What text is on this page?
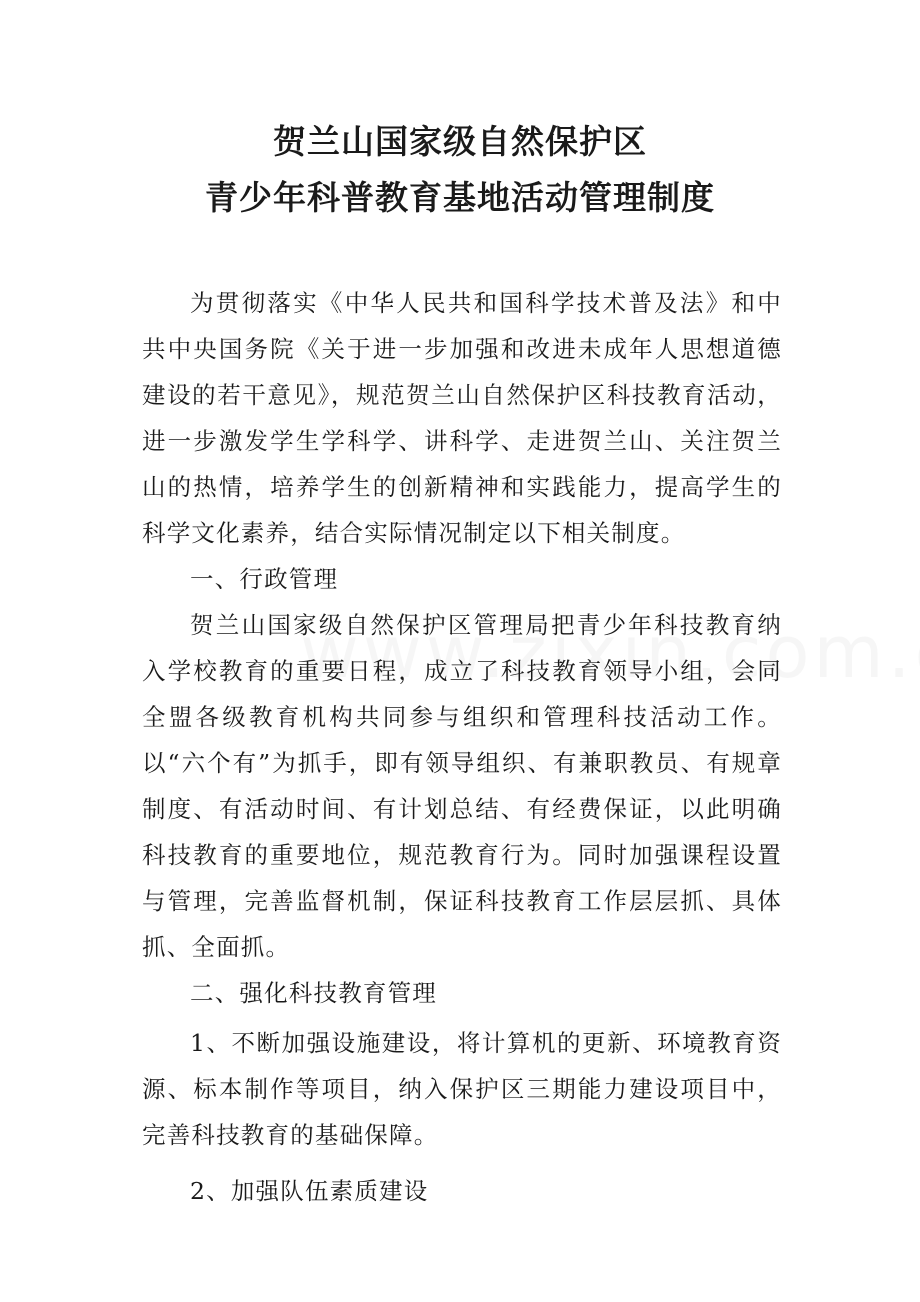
贺兰山国家级自然保护区
青少年科普教育基地活动管理制度

为贯彻落实《中华人民共和国科学技术普及法》和中共中央国务院《关于进一步加强和改进未成年人思想道德建设的若干意见》，规范贺兰山自然保护区科技教育活动，进一步激发学生学科学、讲科学、走进贺兰山、关注贺兰山的热情，培养学生的创新精神和实践能力，提高学生的科学文化素养，结合实际情况制定以下相关制度。

一、行政管理

贺兰山国家级自然保护区管理局把青少年科技教育纳入学校教育的重要日程，成立了科技教育领导小组，会同全盟各级教育机构共同参与组织和管理科技活动工作。以“六个有”为抓手，即有领导组织、有兼职教员、有规章制度、有活动时间、有计划总结、有经费保证，以此明确科技教育的重要地位，规范教育行为。同时加强课程设置与管理，完善监督机制，保证科技教育工作层层抓、具体抓、全面抓。

二、强化科技教育管理

1、不断加强设施建设，将计算机的更新、环境教育资源、标本制作等项目，纳入保护区三期能力建设项目中，完善科技教育的基础保障。

2、加强队伍素质建设
